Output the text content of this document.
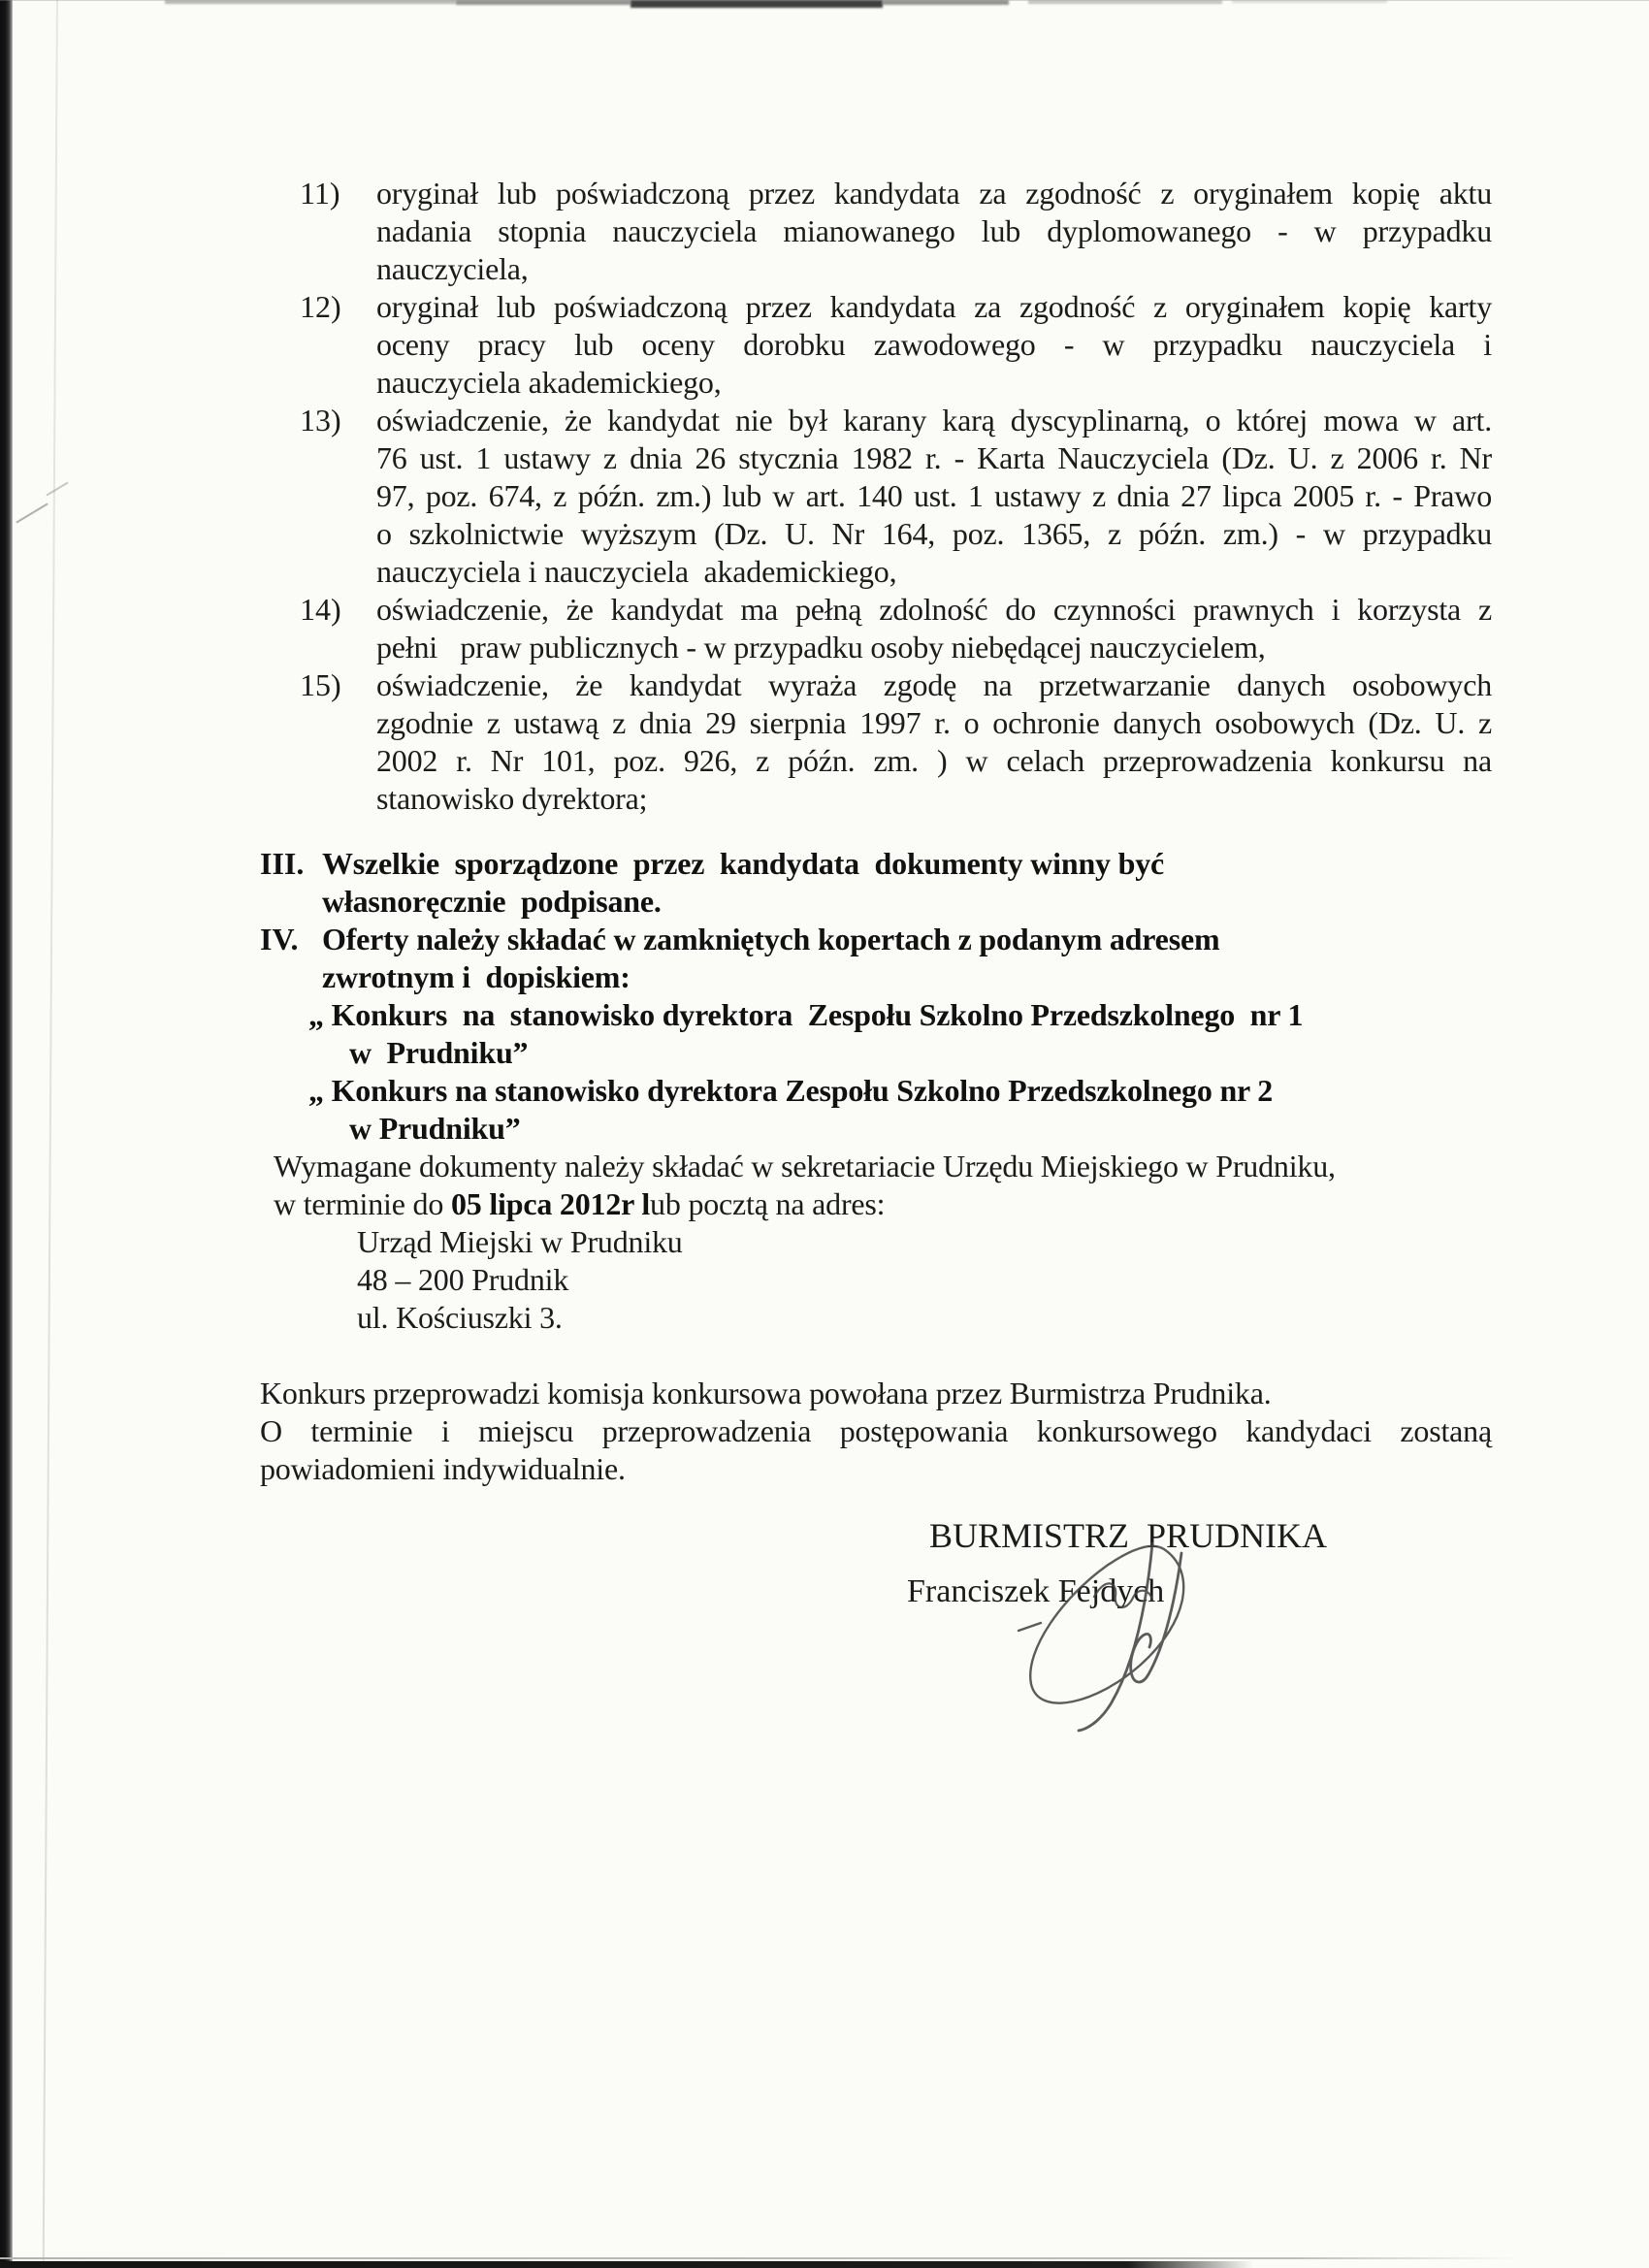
11) oryginał lub poświadczoną przez kandydata za zgodność z oryginałem kopię aktu
nadania stopnia nauczyciela mianowanego lub dyplomowanego - w przypadku
nauczyciela,
12) oryginał lub poświadczoną przez kandydata za zgodność z oryginałem kopię karty
oceny pracy lub oceny dorobku zawodowego - w przypadku nauczyciela i
nauczyciela akademickiego,
13) oświadczenie, że kandydat nie był karany karą dyscyplinarną, o której mowa w art.
76 ust. 1 ustawy z dnia 26 stycznia 1982 r. - Karta Nauczyciela (Dz. U. z 2006 r. Nr
97, poz. 674, z późn. zm.) lub w art. 140 ust. 1 ustawy z dnia 27 lipca 2005 r. - Prawo
o szkolnictwie wyższym (Dz. U. Nr 164, poz. 1365, z późn. zm.) - w przypadku
nauczyciela i nauczyciela  akademickiego,
14) oświadczenie, że kandydat ma pełną zdolność do czynności prawnych i korzysta z
pełni   praw publicznych - w przypadku osoby niebędącej nauczycielem,
15) oświadczenie, że kandydat wyraża zgodę na przetwarzanie danych osobowych
zgodnie z ustawą z dnia 29 sierpnia 1997 r. o ochronie danych osobowych (Dz. U. z
2002 r. Nr 101, poz. 926, z późn. zm. ) w celach przeprowadzenia konkursu na
stanowisko dyrektora;
III. Wszelkie  sporządzone  przez  kandydata  dokumenty winny być
własnoręcznie  podpisane.
IV. Oferty należy składać w zamkniętych kopertach z podanym adresem
zwrotnym i  dopiskiem:
„ Konkurs  na  stanowisko dyrektora  Zespołu Szkolno Przedszkolnego  nr 1
w  Prudniku”
„ Konkurs na stanowisko dyrektora Zespołu Szkolno Przedszkolnego nr 2
w Prudniku”
Wymagane dokumenty należy składać w sekretariacie Urzędu Miejskiego w Prudniku,
w terminie do 05 lipca 2012r lub pocztą na adres:
Urząd Miejski w Prudniku
48 – 200 Prudnik
ul. Kościuszki 3.
Konkurs przeprowadzi komisja konkursowa powołana przez Burmistrza Prudnika.
O terminie i miejscu przeprowadzenia postępowania konkursowego kandydaci zostaną
powiadomieni indywidualnie.
BURMISTRZ  PRUDNIKA
Franciszek Fejdych
